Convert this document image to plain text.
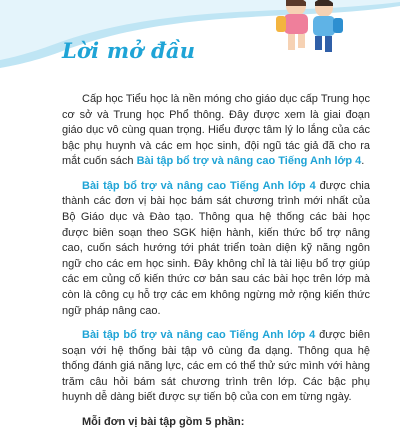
Lời mở đầu

Cấp học Tiểu học là nền móng cho giáo dục cấp Trung học cơ sở và Trung học Phổ thông. Đây được xem là giai đoạn giáo dục vô cùng quan trọng. Hiểu được tâm lý lo lắng của các bậc phụ huynh và các em học sinh, đội ngũ tác giả đã cho ra mắt cuốn sách Bài tập bổ trợ và nâng cao Tiếng Anh lớp 4.

Bài tập bổ trợ và nâng cao Tiếng Anh lớp 4 được chia thành các đơn vị bài học bám sát chương trình mới nhất của Bộ Giáo dục và Đào tạo. Thông qua hệ thống các bài học được biên soạn theo SGK hiện hành, kiến thức bổ trợ nâng cao, cuốn sách hướng tới phát triển toàn diện kỹ năng ngôn ngữ cho các em học sinh. Đây không chỉ là tài liệu bổ trợ giúp các em củng cố kiến thức cơ bản sau các bài học trên lớp mà còn là công cụ hỗ trợ các em không ngừng mở rộng kiến thức ngữ pháp nâng cao.

Bài tập bổ trợ và nâng cao Tiếng Anh lớp 4 được biên soạn với hệ thống bài tập vô cùng đa dạng. Thông qua hệ thống đánh giá năng lực, các em có thể thử sức mình với hàng trăm câu hỏi bám sát chương trình trên lớp. Các bậc phụ huynh dễ dàng biết được sự tiến bộ của con em từng ngày.

Mỗi đơn vị bài tập gồm 5 phần:
